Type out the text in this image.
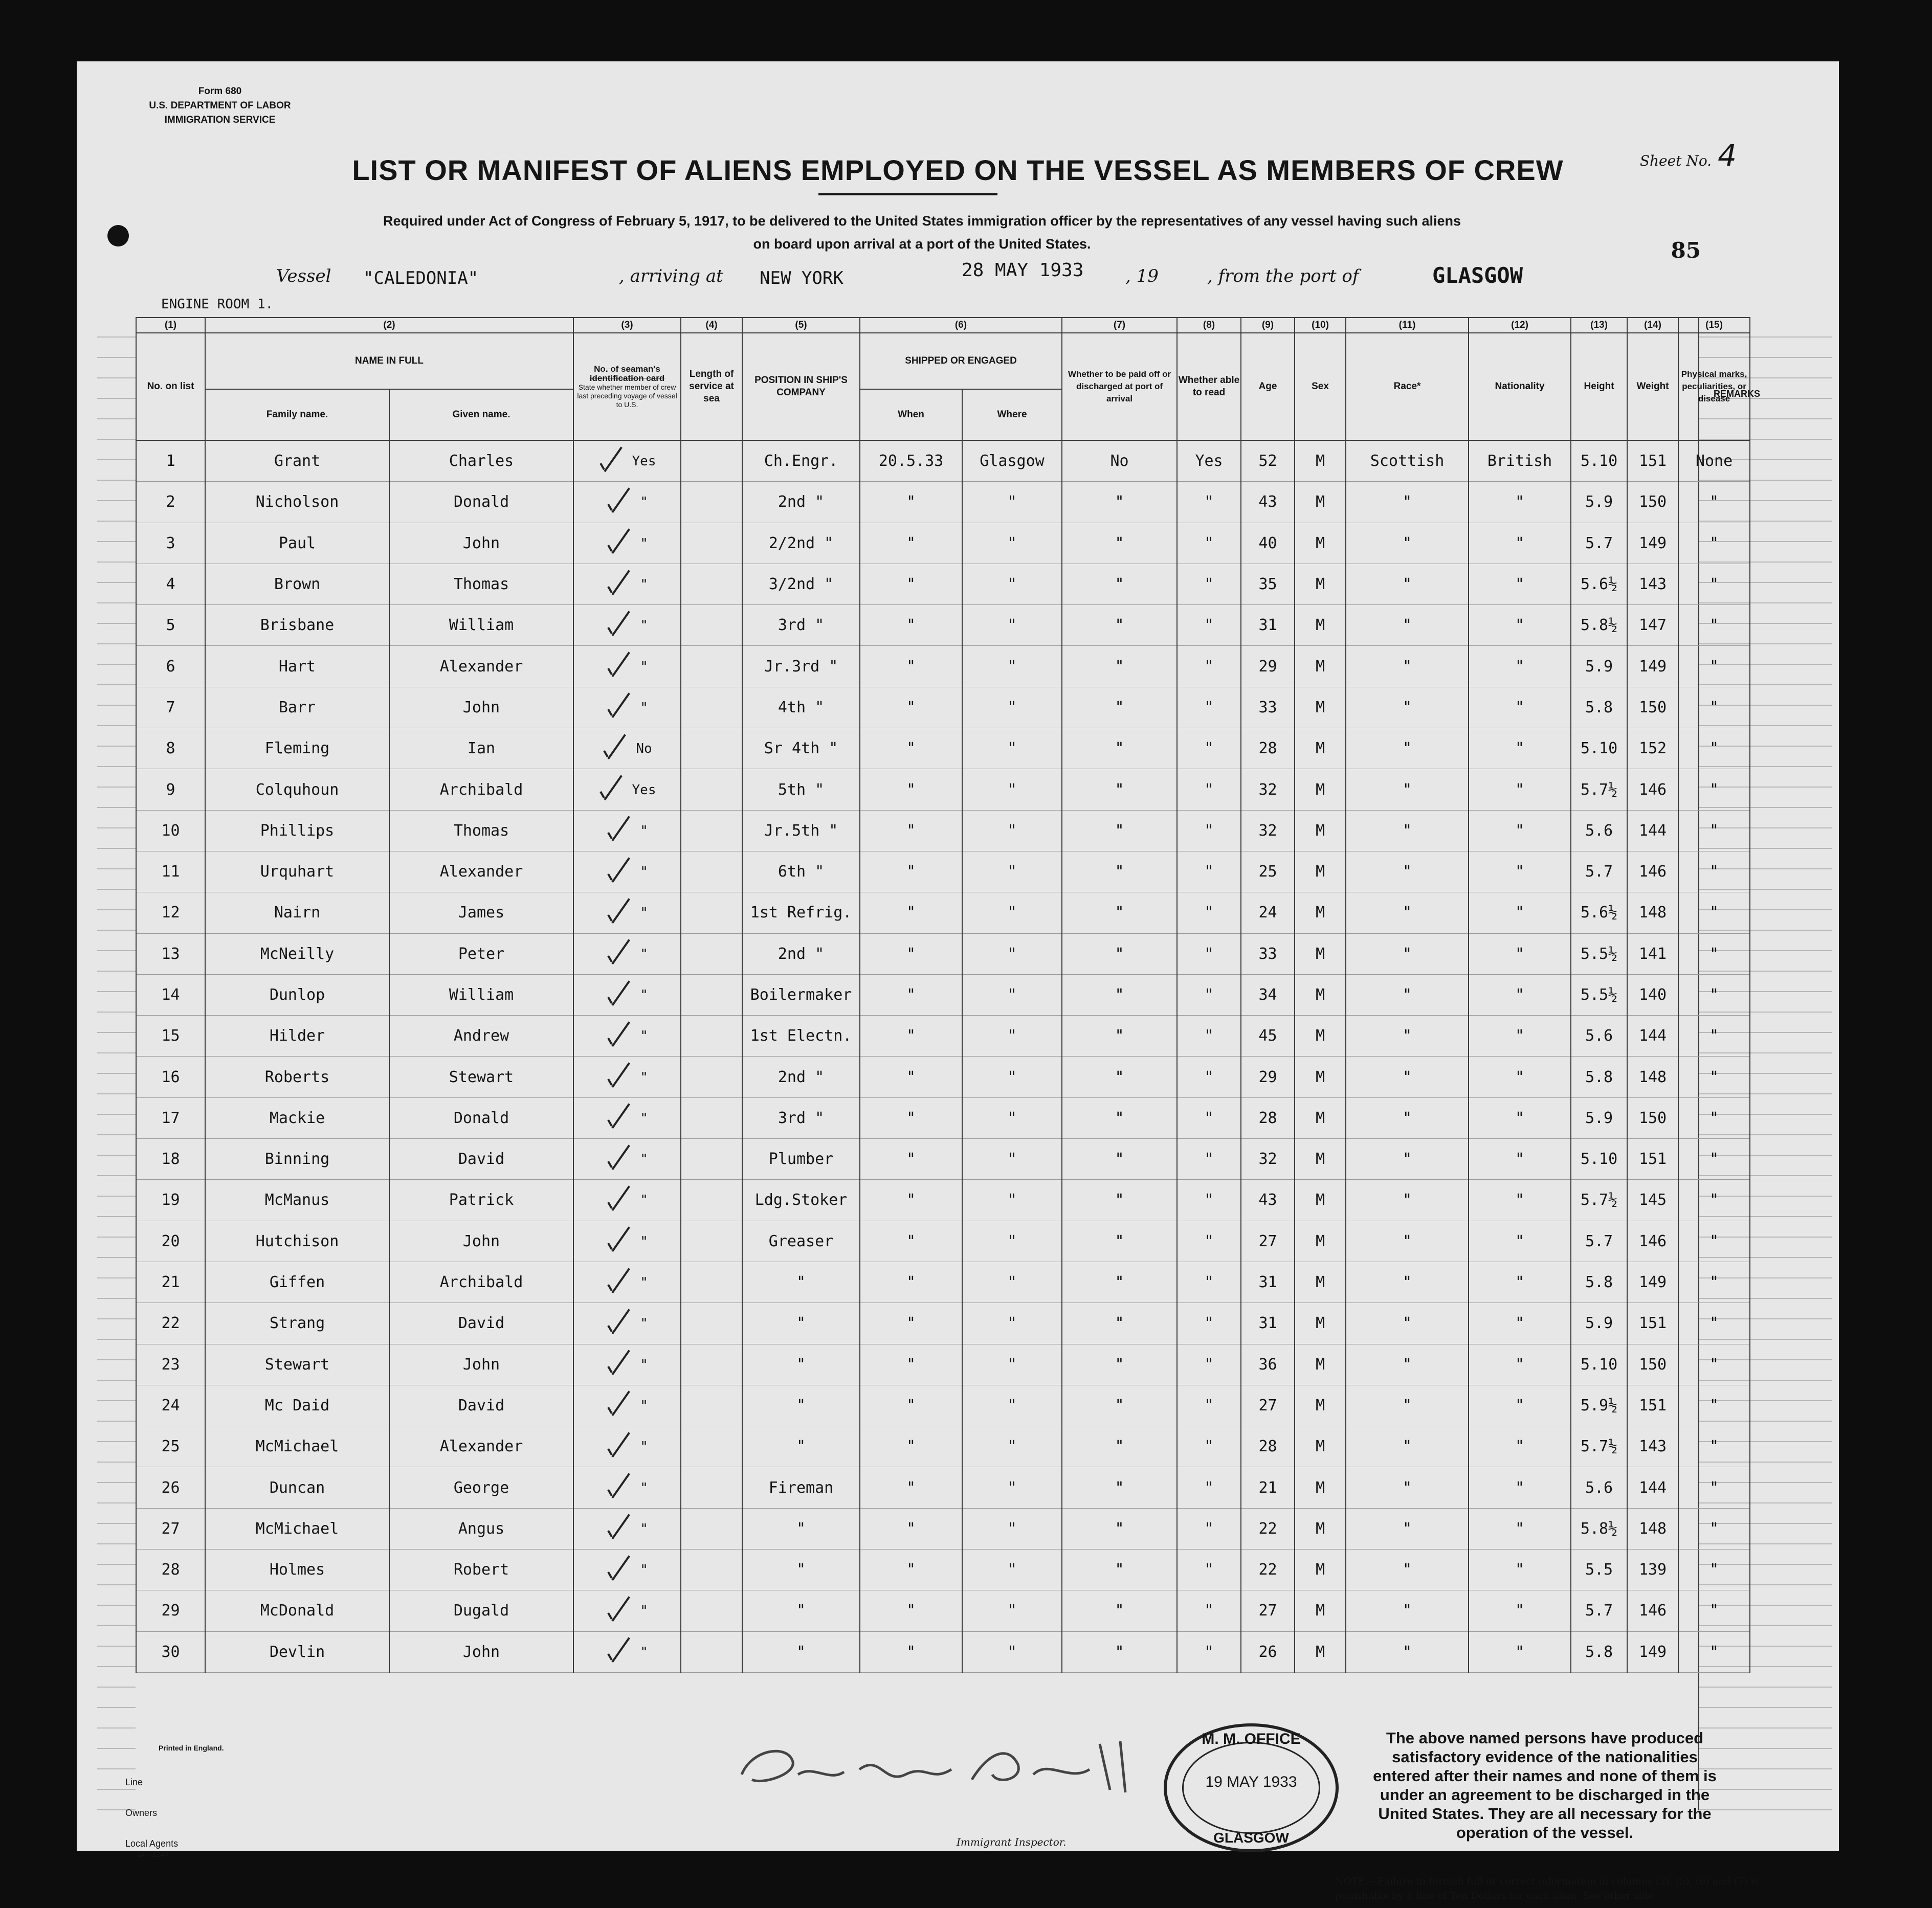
Form 680
U.S. DEPARTMENT OF LABOR
IMMIGRATION SERVICE
Sheet No. 4
85
LIST OR MANIFEST OF ALIENS EMPLOYED ON THE VESSEL AS MEMBERS OF CREW
Required under Act of Congress of February 5, 1917, to be delivered to the United States immigration officer by the representatives of any vessel having such aliens
on board upon arrival at a port of the United States.
Vessel "CALEDONIA"	, arriving at NEW YORK	28 MAY 1933 , 19	, from the port of	GLASGOW
ENGINE ROOM 1.
REMARKS
(1)	(2)		(3)	(4)	(5)	(6)		(7)	(8)	(9)	(10)	(11)	(12)	(13)	(14)	(15)
No. on list	NAME IN FULL		No. of seaman's identification card
State whether member of crew last preceding voyage of vessel to U.S.	Length of service at sea	POSITION IN SHIP'S COMPANY	SHIPPED OR ENGAGED		Whether to be paid off or discharged at port of arrival	Whether able to read	Age	Sex	Race*	Nationality	Height	Weight	Physical marks, peculiarities, or disease
	Family name.	Given name.				When	Where									
1	Grant	Charles	Yes		Ch.Engr.	20.5.33	Glasgow	No	Yes	52	M	Scottish	British	5.10	151	None
2	Nicholson	Donald	"		2nd "	"	"	"	"	43	M	"	"	5.9	150	"
3	Paul	John	"		2/2nd "	"	"	"	"	40	M	"	"	5.7	149	"
4	Brown	Thomas	"		3/2nd "	"	"	"	"	35	M	"	"	5.6½	143	"
5	Brisbane	William	"		3rd "	"	"	"	"	31	M	"	"	5.8½	147	"
6	Hart	Alexander	"		Jr.3rd "	"	"	"	"	29	M	"	"	5.9	149	"
7	Barr	John	"		4th "	"	"	"	"	33	M	"	"	5.8	150	"
8	Fleming	Ian	No		Sr 4th "	"	"	"	"	28	M	"	"	5.10	152	"
9	Colquhoun	Archibald	Yes		5th "	"	"	"	"	32	M	"	"	5.7½	146	"
10	Phillips	Thomas	"		Jr.5th "	"	"	"	"	32	M	"	"	5.6	144	"
11	Urquhart	Alexander	"		6th "	"	"	"	"	25	M	"	"	5.7	146	"
12	Nairn	James	"		1st Refrig.	"	"	"	"	24	M	"	"	5.6½	148	"
13	McNeilly	Peter	"		2nd "	"	"	"	"	33	M	"	"	5.5½	141	"
14	Dunlop	William	"		Boilermaker	"	"	"	"	34	M	"	"	5.5½	140	"
15	Hilder	Andrew	"		1st Electn.	"	"	"	"	45	M	"	"	5.6	144	"
16	Roberts	Stewart	"		2nd "	"	"	"	"	29	M	"	"	5.8	148	"
17	Mackie	Donald	"		3rd "	"	"	"	"	28	M	"	"	5.9	150	"
18	Binning	David	"		Plumber	"	"	"	"	32	M	"	"	5.10	151	"
19	McManus	Patrick	"		Ldg.Stoker	"	"	"	"	43	M	"	"	5.7½	145	"
20	Hutchison	John	"		Greaser	"	"	"	"	27	M	"	"	5.7	146	"
21	Giffen	Archibald	"		"	"	"	"	"	31	M	"	"	5.8	149	"
22	Strang	David	"		"	"	"	"	"	31	M	"	"	5.9	151	"
23	Stewart	John	"		"	"	"	"	"	36	M	"	"	5.10	150	"
24	Mc Daid	David	"		"	"	"	"	"	27	M	"	"	5.9½	151	"
25	McMichael	Alexander	"		"	"	"	"	"	28	M	"	"	5.7½	143	"
26	Duncan	George	"		Fireman	"	"	"	"	21	M	"	"	5.6	144	"
27	McMichael	Angus	"		"	"	"	"	"	22	M	"	"	5.8½	148	"
28	Holmes	Robert	"		"	"	"	"	"	22	M	"	"	5.5	139	"
29	McDonald	Dugald	"		"	"	"	"	"	27	M	"	"	5.7	146	"
30	Devlin	John	"		"	"	"	"	"	26	M	"	"	5.8	149	"
Printed in England.
Line
Owners
Local Agents
14—1240
Immigrant Inspector.
M. M. OFFICE
19 MAY 1933
GLASGOW
The above named persons have produced satisfactory evidence of the nationalities entered after their names and none of them is under an agreement to be discharged in the United States. They are all necessary for the operation of the vessel.
NOTE.—Failure to furnish full or correct information in columns (2), (5), (6) and (7) is punishable by a fine of Ten Dollars for each alien. See other side.
